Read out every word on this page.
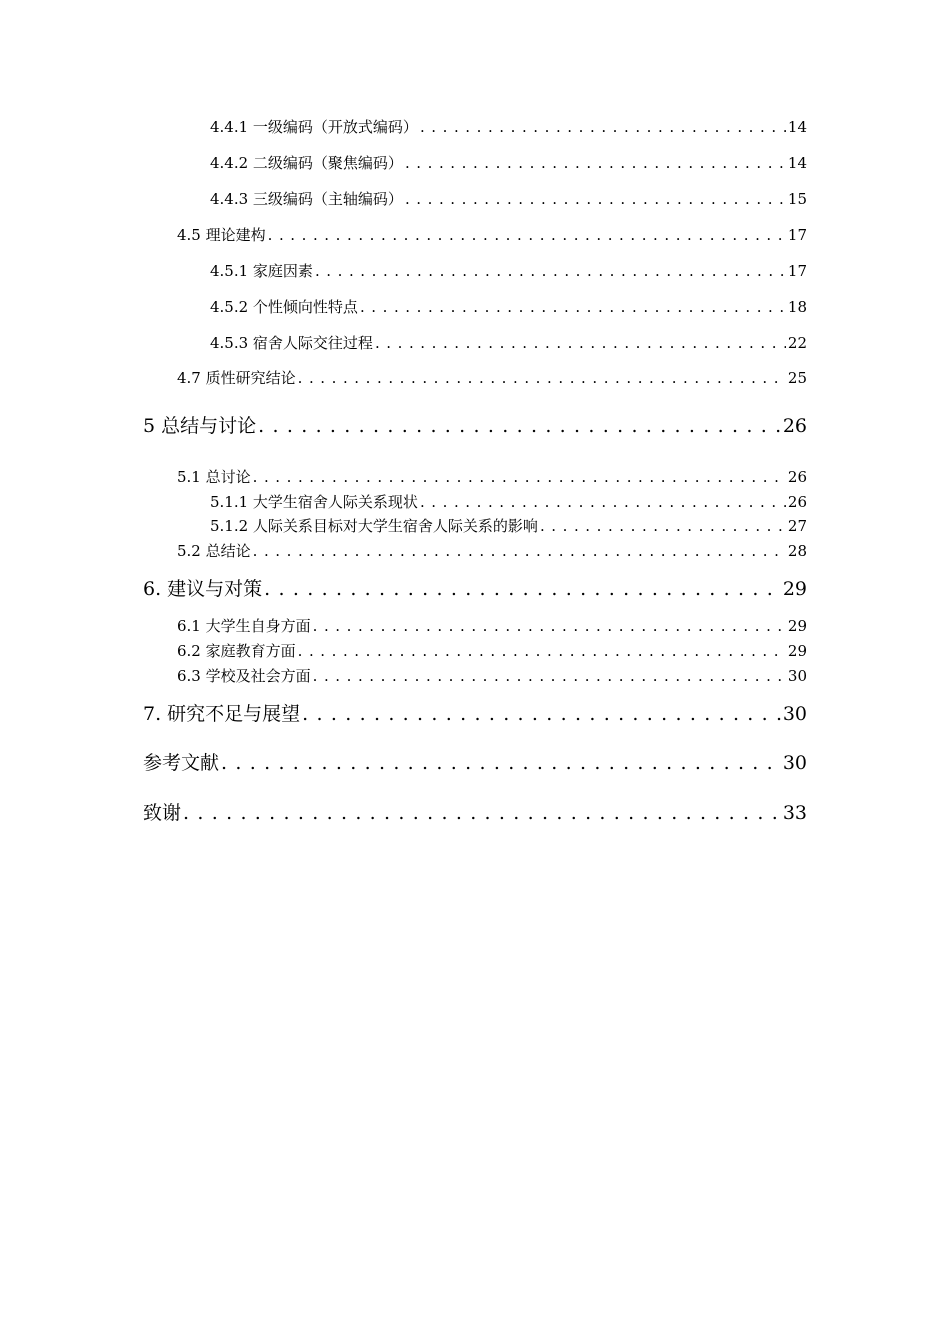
4.4.1 一级编码（开放式编码） . . .	14
4.4.2 二级编码（聚焦编码） . . .	14
4.4.3 三级编码（主轴编码） . . .	15
4.5 理论建构 . . .	17
4.5.1 家庭因素 . . .	17
4.5.2 个性倾向性特点 . . .	18
4.5.3 宿舍人际交往过程 . . .	22
4.7 质性研究结论 . . .	25
5 总结与讨论 . . .	26
5.1 总讨论 . . .	26
5.1.1 大学生宿舍人际关系现状 . . .	26
5.1.2 人际关系目标对大学生宿舍人际关系的影响 . . .	27
5.2 总结论 . . .	28
6. 建议与对策 . . .	29
6.1 大学生自身方面 . . .	29
6.2 家庭教育方面 . . .	29
6.3 学校及社会方面 . . .	30
7. 研究不足与展望 . . .	30
参考文献 . . .	30
致谢 . . .	33
